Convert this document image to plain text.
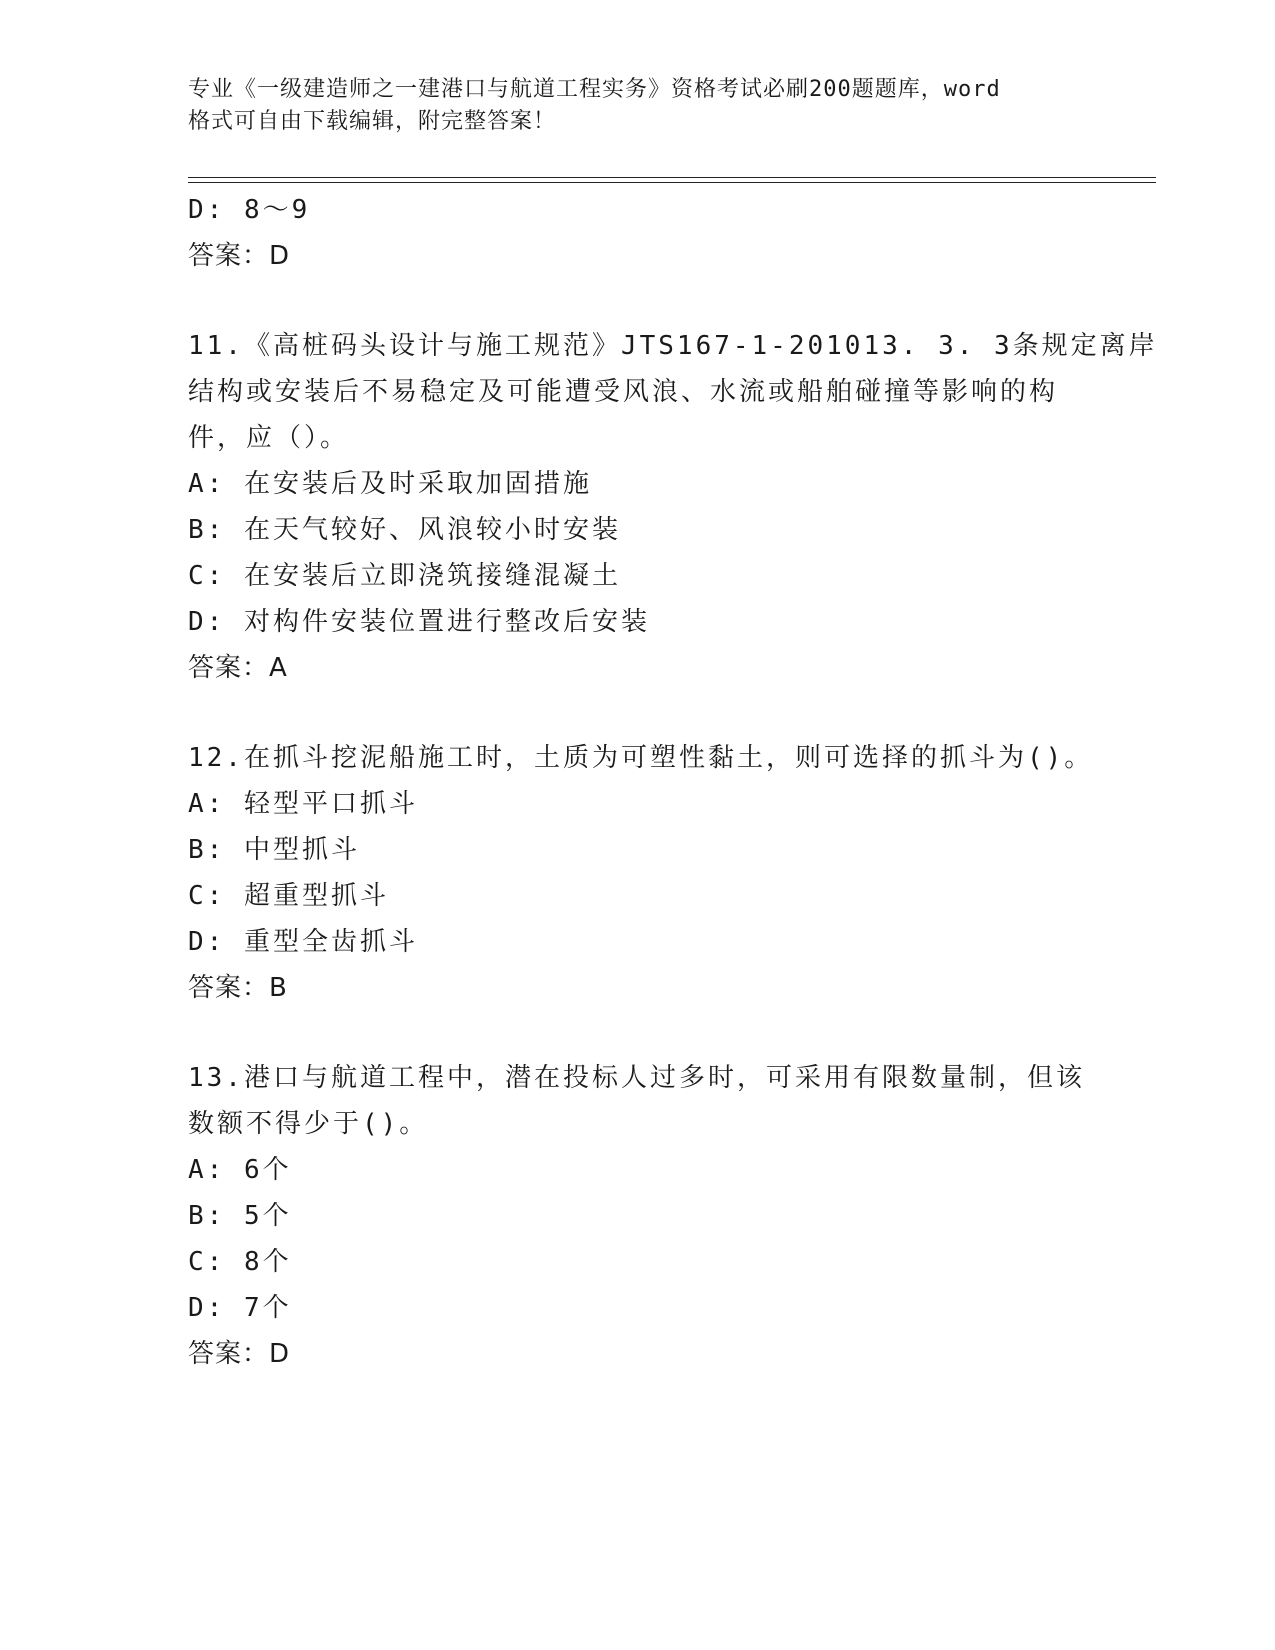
专业《一级建造师之一建港口与航道工程实务》资格考试必刷200题题库，word
格式可自由下载编辑，附完整答案！
D: 8～9
答案：D
11.《高桩码头设计与施工规范》JTS167-1-201013. 3. 3条规定离岸
结构或安装后不易稳定及可能遭受风浪、水流或船舶碰撞等影响的构
件，应（）。
A: 在安装后及时采取加固措施
B: 在天气较好、风浪较小时安装
C: 在安装后立即浇筑接缝混凝土
D: 对构件安装位置进行整改后安装
答案：A
12.在抓斗挖泥船施工时，土质为可塑性黏土，则可选择的抓斗为()。
A: 轻型平口抓斗
B: 中型抓斗
C: 超重型抓斗
D: 重型全齿抓斗
答案：B
13.港口与航道工程中，潜在投标人过多时，可采用有限数量制，但该
数额不得少于()。
A: 6个
B: 5个
C: 8个
D: 7个
答案：D
